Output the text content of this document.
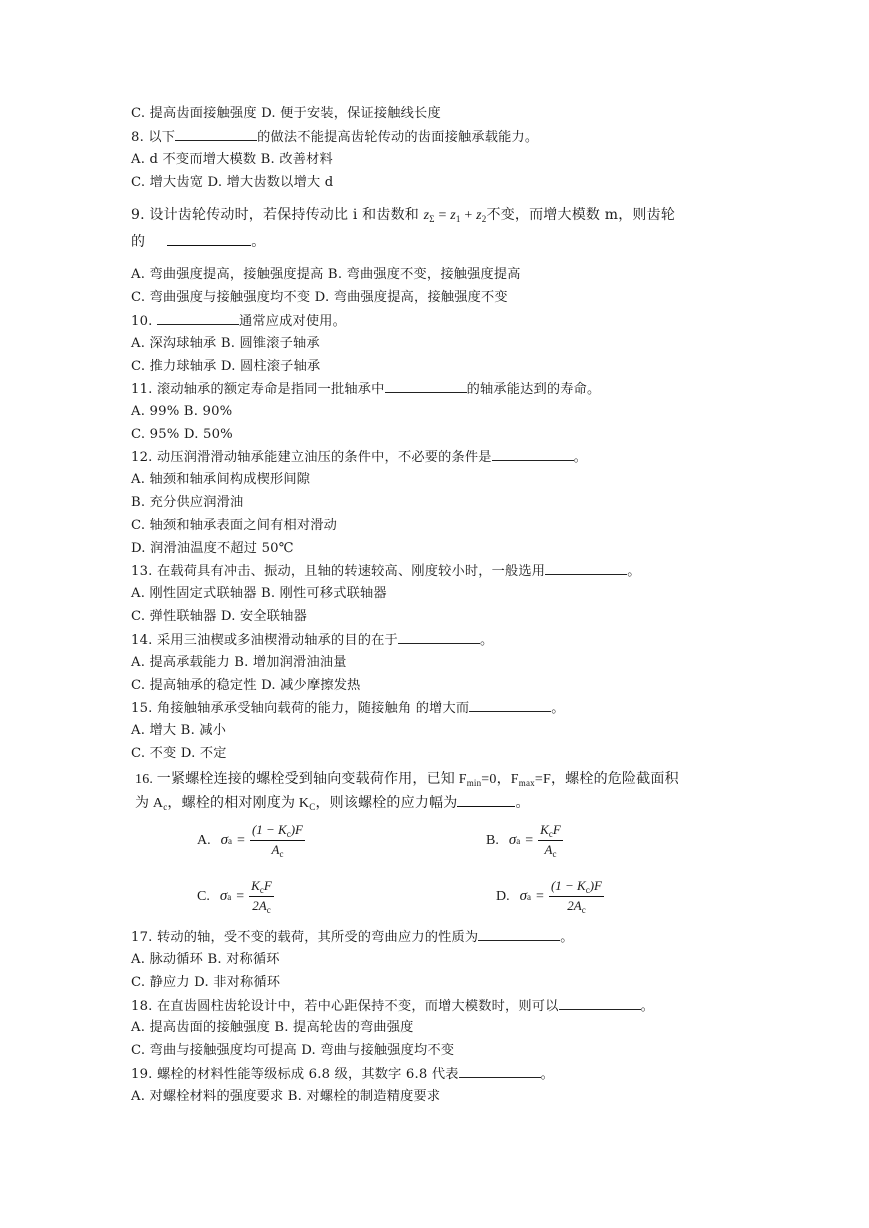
C. 提高齿面接触强度 D. 便于安装，保证接触线长度
8. 以下	的做法不能提高齿轮传动的齿面接触承载能力。
A. d 不变而增大模数 B. 改善材料
C. 增大齿宽 D. 增大齿数以增大 d
9. 设计齿轮传动时，若保持传动比 i 和齿数和 $z_\Sigma = z_1 + z_2$不变，而增大模数 m，则齿轮
的	。
A. 弯曲强度提高，接触强度提高 B. 弯曲强度不变，接触强度提高
C. 弯曲强度与接触强度均不变 D. 弯曲强度提高，接触强度不变
10.	通常应成对使用。
A. 深沟球轴承 B. 圆锥滚子轴承
C. 推力球轴承 D. 圆柱滚子轴承
11. 滚动轴承的额定寿命是指同一批轴承中	的轴承能达到的寿命。
A. 99% B. 90%
C. 95% D. 50%
12. 动压润滑滑动轴承能建立油压的条件中，不必要的条件是	。
A. 轴颈和轴承间构成楔形间隙
B. 充分供应润滑油
C. 轴颈和轴承表面之间有相对滑动
D. 润滑油温度不超过 50℃
13. 在载荷具有冲击、振动，且轴的转速较高、刚度较小时，一般选用	。
A. 刚性固定式联轴器 B. 刚性可移式联轴器
C. 弹性联轴器 D. 安全联轴器
14. 采用三油楔或多油楔滑动轴承的目的在于	。
A. 提高承载能力 B. 增加润滑油油量
C. 提高轴承的稳定性 D. 减少摩擦发热
15. 角接触轴承承受轴向载荷的能力，随接触角 的增大而	。
A. 增大 B. 减小
C. 不变 D. 不定
16. 一紧螺栓连接的螺栓受到轴向变载荷作用，已知 $F_{min}=0$，$F_{max}=F$，螺栓的危险截面积
为 $A_c$，螺栓的相对刚度为 $K_C$，则该螺栓的应力幅为	。
A. σ $a = \frac{(1 - K_c)F}{A_c}$	B. σ $a = \frac{K_cF}{A_c}$
C. σ $a = \frac{K_cF}{2A_c}$	D. σ $a = \frac{(1 - K_c)F}{2A_c}$
17. 转动的轴，受不变的载荷，其所受的弯曲应力的性质为	。
A. 脉动循环 B. 对称循环
C. 静应力 D. 非对称循环
18. 在直齿圆柱齿轮设计中，若中心距保持不变，而增大模数时，则可以	。
A. 提高齿面的接触强度 B. 提高轮齿的弯曲强度
C. 弯曲与接触强度均可提高 D. 弯曲与接触强度均不变
19. 螺栓的材料性能等级标成 6.8 级，其数字 6.8 代表	。
A. 对螺栓材料的强度要求 B. 对螺栓的制造精度要求
